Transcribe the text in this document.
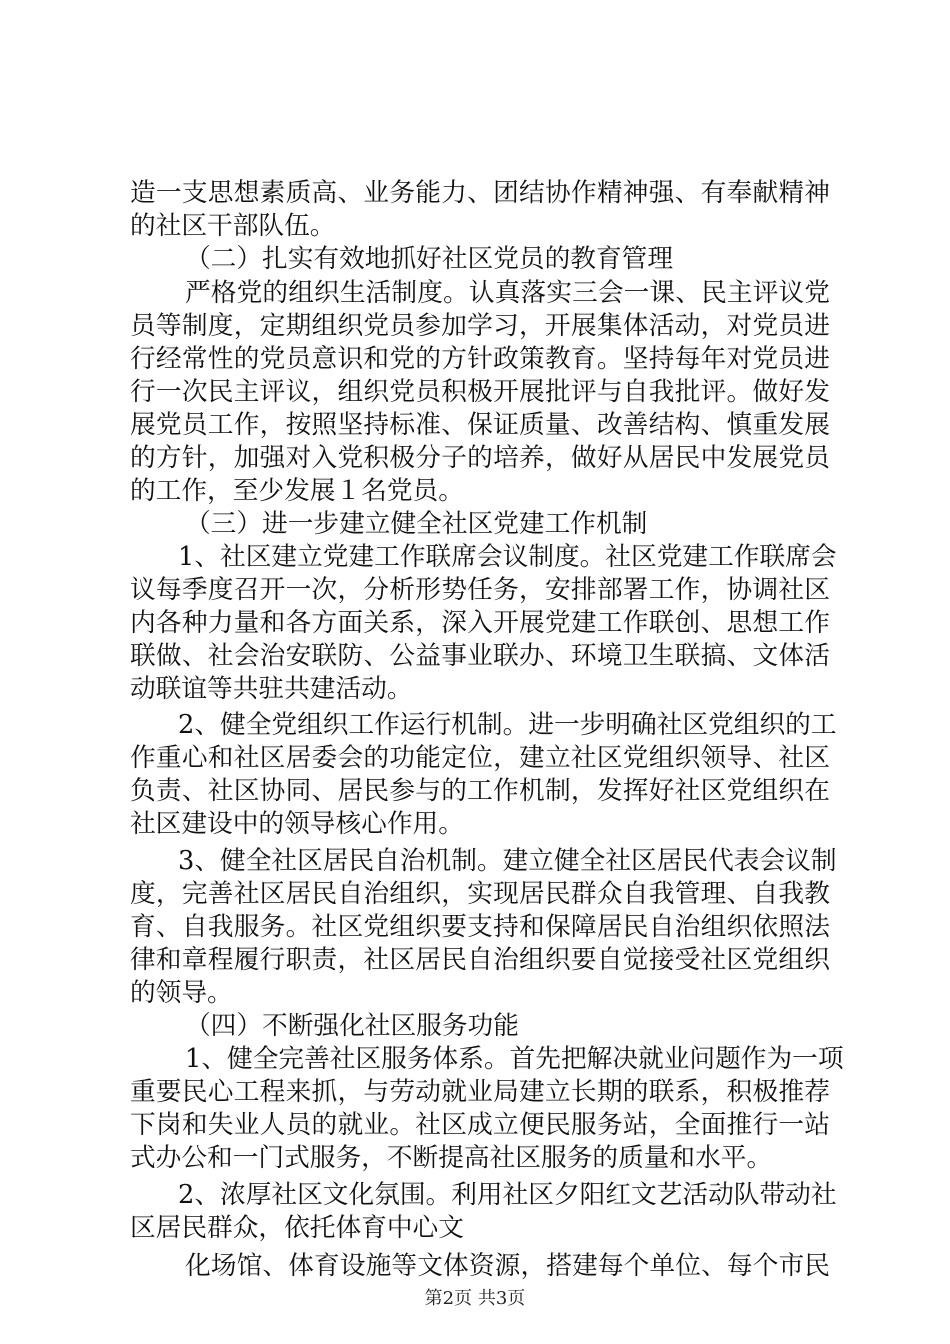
造一支思想素质高、业务能力、团结协作精神强、有奉献精神
的社区干部队伍。
（二）扎实有效地抓好社区党员的教育管理
严格党的组织生活制度。认真落实三会一课、民主评议党
员等制度，定期组织党员参加学习，开展集体活动，对党员进
行经常性的党员意识和党的方针政策教育。坚持每年对党员进
行一次民主评议，组织党员积极开展批评与自我批评。做好发
展党员工作，按照坚持标准、保证质量、改善结构、慎重发展
的方针，加强对入党积极分子的培养，做好从居民中发展党员
的工作，至少发展１名党员。
（三）进一步建立健全社区党建工作机制
1、社区建立党建工作联席会议制度。社区党建工作联席会
议每季度召开一次，分析形势任务，安排部署工作，协调社区
内各种力量和各方面关系，深入开展党建工作联创、思想工作
联做、社会治安联防、公益事业联办、环境卫生联搞、文体活
动联谊等共驻共建活动。
2、健全党组织工作运行机制。进一步明确社区党组织的工
作重心和社区居委会的功能定位，建立社区党组织领导、社区
负责、社区协同、居民参与的工作机制，发挥好社区党组织在
社区建设中的领导核心作用。
3、健全社区居民自治机制。建立健全社区居民代表会议制
度，完善社区居民自治组织，实现居民群众自我管理、自我教
育、自我服务。社区党组织要支持和保障居民自治组织依照法
律和章程履行职责，社区居民自治组织要自觉接受社区党组织
的领导。
（四）不断强化社区服务功能
1、健全完善社区服务体系。首先把解决就业问题作为一项
重要民心工程来抓，与劳动就业局建立长期的联系，积极推荐
下岗和失业人员的就业。社区成立便民服务站，全面推行一站
式办公和一门式服务，不断提高社区服务的质量和水平。
2、浓厚社区文化氛围。利用社区夕阳红文艺活动队带动社
区居民群众，依托体育中心文
化场馆、体育设施等文体资源，搭建每个单位、每个市民
第2页 共3页
